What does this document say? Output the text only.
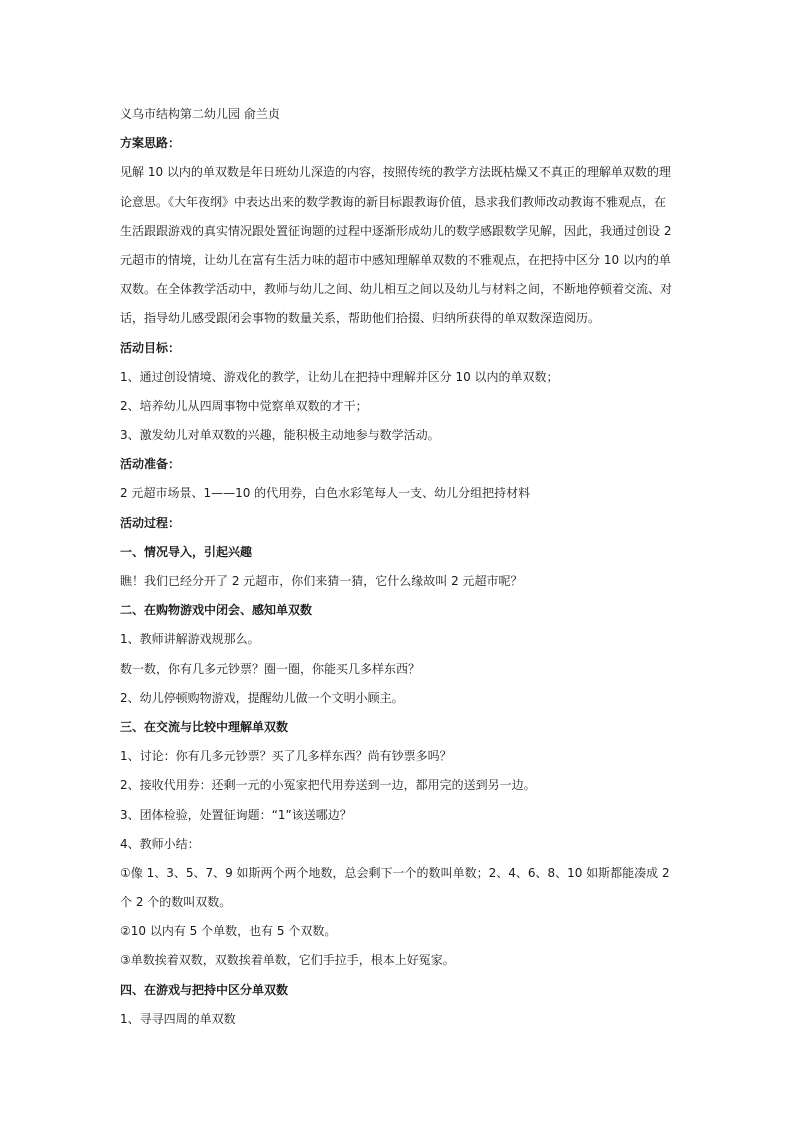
义乌市结构第二幼儿园 俞兰贞
方案思路：
见解 10 以内的单双数是年日班幼儿深造的内容，按照传统的教学方法既枯燥又不真正的理解单双数的理
论意思。《大年夜纲》中表达出来的数学教诲的新目标跟教诲价值，恳求我们教师改动教诲不雅观点，在
生活跟跟游戏的真实情况跟处置征询题的过程中逐渐形成幼儿的数学感跟数学见解，因此，我通过创设 2
元超市的情境，让幼儿在富有生活力味的超市中感知理解单双数的不雅观点，在把持中区分 10 以内的单
双数。在全体教学活动中，教师与幼儿之间、幼儿相互之间以及幼儿与材料之间，不断地停顿着交流、对
话，指导幼儿感受跟闭会事物的数量关系，帮助他们拾掇、归纳所获得的单双数深造阅历。
活动目标：
1、通过创设情境、游戏化的教学，让幼儿在把持中理解并区分 10 以内的单双数；
2、培养幼儿从四周事物中觉察单双数的才干；
3、激发幼儿对单双数的兴趣，能积极主动地参与数学活动。
活动准备：
2 元超市场景、1——10 的代用券，白色水彩笔每人一支、幼儿分组把持材料
活动过程：
一、情况导入，引起兴趣
瞧！我们已经分开了 2 元超市，你们来猜一猜，它什么缘故叫 2 元超市呢？
二、在购物游戏中闭会、感知单双数
1、教师讲解游戏规那么。
数一数，你有几多元钞票？圈一圈，你能买几多样东西？
2、幼儿停顿购物游戏，提醒幼儿做一个文明小顾主。
三、在交流与比较中理解单双数
1、讨论：你有几多元钞票？买了几多样东西？尚有钞票多吗？
2、接收代用券：还剩一元的小冤家把代用券送到一边，都用完的送到另一边。
3、团体检验，处置征询题：“1”该送哪边？
4、教师小结：
①像 1、3、5、7、9 如斯两个两个地数，总会剩下一个的数叫单数；2、4、6、8、10 如斯都能凑成 2
个 2 个的数叫双数。
②10 以内有 5 个单数，也有 5 个双数。
③单数挨着双数，双数挨着单数，它们手拉手，根本上好冤家。
四、在游戏与把持中区分单双数
1、寻寻四周的单双数
